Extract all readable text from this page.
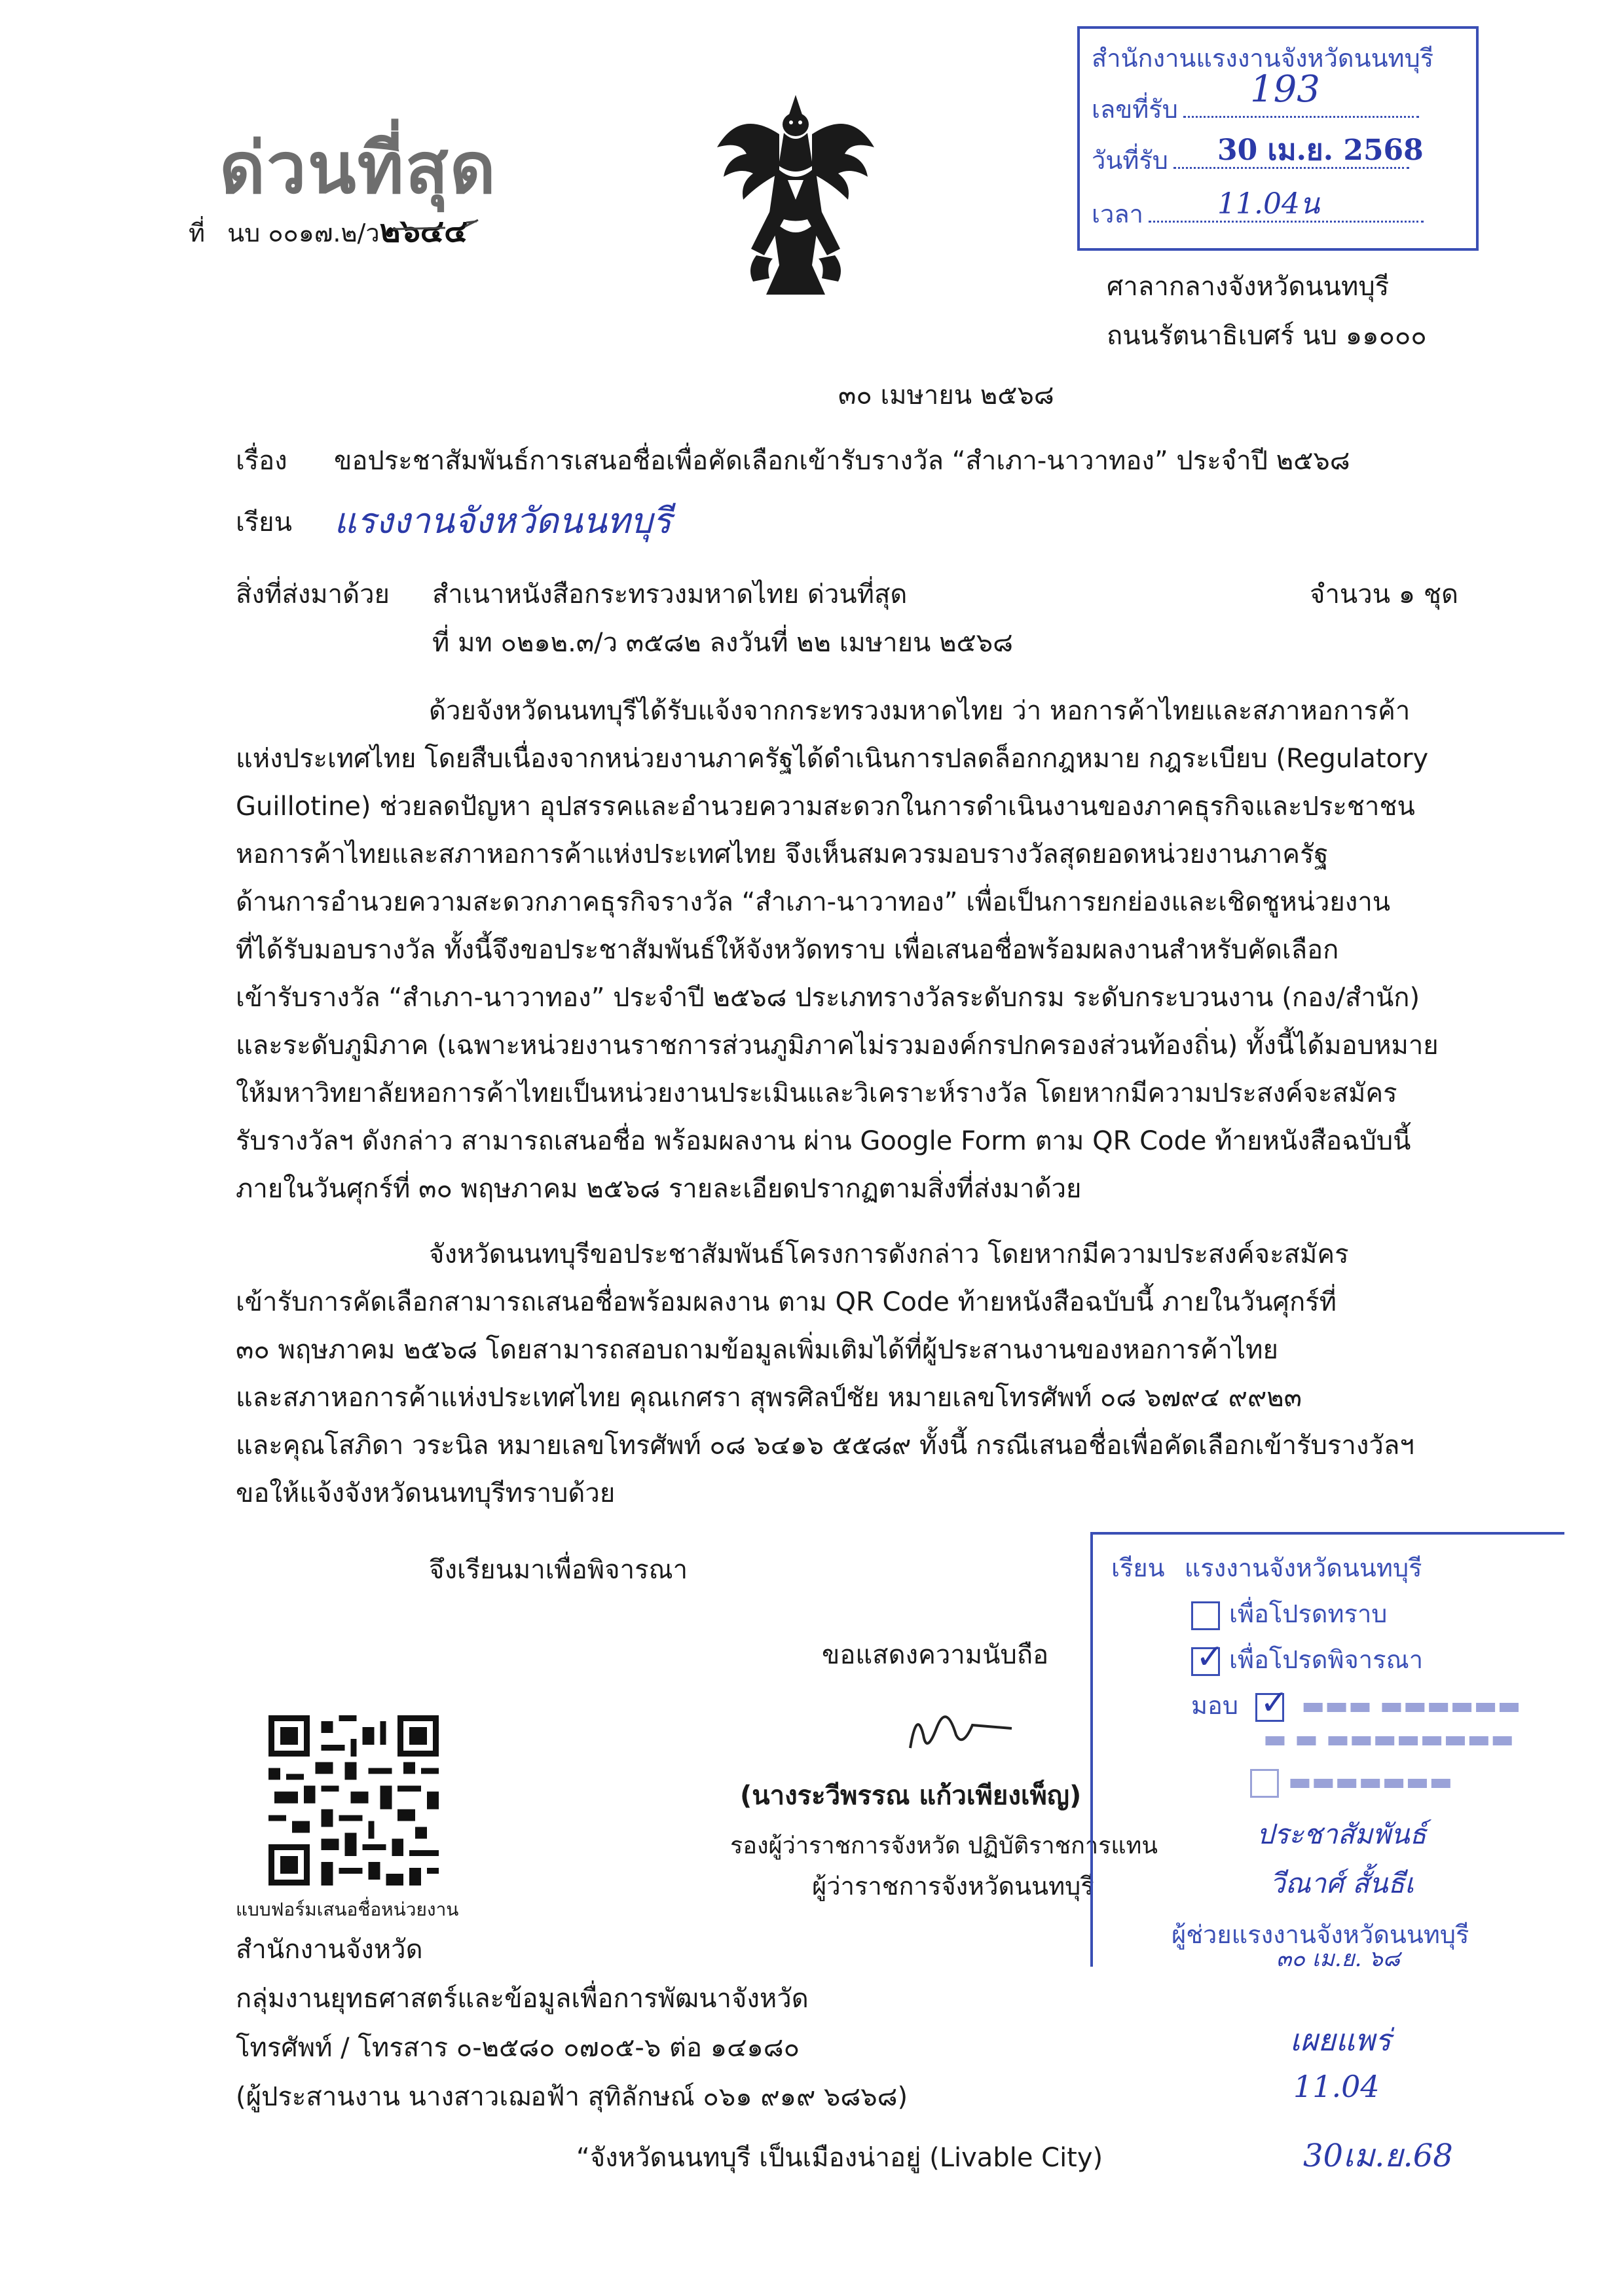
ด่วนที่สุด
ที่ นบ ๐๐๑๗.๒/ว๒๖๔๔
สำนักงานแรงงานจังหวัดนนทบุรี
เลขที่รับ
วันที่รับ
เวลา
193
30 เม.ย. 2568
11.04น
ศาลากลางจังหวัดนนทบุรี
ถนนรัตนาธิเบศร์ นบ ๑๑๐๐๐
๓๐ เมษายน ๒๕๖๘
เรื่อง ขอประชาสัมพันธ์การเสนอชื่อเพื่อคัดเลือกเข้ารับรางวัล “สำเภา-นาวาทอง” ประจำปี ๒๕๖๘
เรียน แรงงานจังหวัดนนทบุรี
สิ่งที่ส่งมาด้วย สำเนาหนังสือกระทรวงมหาดไทย ด่วนที่สุด
ที่ มท ๐๒๑๒.๓/ว ๓๕๘๒ ลงวันที่ ๒๒ เมษายน ๒๕๖๘
จำนวน ๑ ชุด

ด้วยจังหวัดนนทบุรีได้รับแจ้งจากกระทรวงมหาดไทย ว่า หอการค้าไทยและสภาหอการค้า

แห่งประเทศไทย โดยสืบเนื่องจากหน่วยงานภาครัฐได้ดำเนินการปลดล็อกกฎหมาย กฎระเบียบ (Regulatory

Guillotine) ช่วยลดปัญหา อุปสรรคและอำนวยความสะดวกในการดำเนินงานของภาคธุรกิจและประชาชน

หอการค้าไทยและสภาหอการค้าแห่งประเทศไทย จึงเห็นสมควรมอบรางวัลสุดยอดหน่วยงานภาครัฐ

ด้านการอำนวยความสะดวกภาคธุรกิจรางวัล “สำเภา-นาวาทอง” เพื่อเป็นการยกย่องและเชิดชูหน่วยงาน

ที่ได้รับมอบรางวัล ทั้งนี้จึงขอประชาสัมพันธ์ให้จังหวัดทราบ เพื่อเสนอชื่อพร้อมผลงานสำหรับคัดเลือก

เข้ารับรางวัล “สำเภา-นาวาทอง” ประจำปี ๒๕๖๘ ประเภทรางวัลระดับกรม ระดับกระบวนงาน (กอง/สำนัก)

และระดับภูมิภาค (เฉพาะหน่วยงานราชการส่วนภูมิภาคไม่รวมองค์กรปกครองส่วนท้องถิ่น) ทั้งนี้ได้มอบหมาย

ให้มหาวิทยาลัยหอการค้าไทยเป็นหน่วยงานประเมินและวิเคราะห์รางวัล โดยหากมีความประสงค์จะสมัคร

รับรางวัลฯ ดังกล่าว สามารถเสนอชื่อ พร้อมผลงาน ผ่าน Google Form ตาม QR Code ท้ายหนังสือฉบับนี้

ภายในวันศุกร์ที่ ๓๐ พฤษภาคม ๒๕๖๘ รายละเอียดปรากฏตามสิ่งที่ส่งมาด้วย

จังหวัดนนทบุรีขอประชาสัมพันธ์โครงการดังกล่าว โดยหากมีความประสงค์จะสมัคร

เข้ารับการคัดเลือกสามารถเสนอชื่อพร้อมผลงาน ตาม QR Code ท้ายหนังสือฉบับนี้ ภายในวันศุกร์ที่

๓๐ พฤษภาคม ๒๕๖๘ โดยสามารถสอบถามข้อมูลเพิ่มเติมได้ที่ผู้ประสานงานของหอการค้าไทย

และสภาหอการค้าแห่งประเทศไทย คุณเกศรา สุพรศิลป์ชัย หมายเลขโทรศัพท์ ๐๘ ๖๗๙๔ ๙๙๒๓

และคุณโสภิดา วระนิล หมายเลขโทรศัพท์ ๐๘ ๖๔๑๖ ๕๕๘๙ ทั้งนี้ กรณีเสนอชื่อเพื่อคัดเลือกเข้ารับรางวัลฯ

ขอให้แจ้งจังหวัดนนทบุรีทราบด้วย

จึงเรียนมาเพื่อพิจารณา
ขอแสดงความนับถือ
(นางระวีพรรณ แก้วเพียงเพ็ญ)
รองผู้ว่าราชการจังหวัด ปฏิบัติราชการแทน
ผู้ว่าราชการจังหวัดนนทบุรี
แบบฟอร์มเสนอชื่อหน่วยงาน
สำนักงานจังหวัด
กลุ่มงานยุทธศาสตร์และข้อมูลเพื่อการพัฒนาจังหวัด
โทรศัพท์ / โทรสาร ๐-๒๕๘๐ ๐๗๐๕-๖ ต่อ ๑๔๑๘๐
(ผู้ประสานงาน นางสาวเฌอฟ้า สุทิลักษณ์ ๐๖๑ ๙๑๙ ๖๘๖๘)
“จังหวัดนนทบุรี เป็นเมืองน่าอยู่ (Livable City)
เรียน แรงงานจังหวัดนนทบุรี
เพื่อโปรดทราบ
✓ เพื่อโปรดพิจารณา
มอบ ✓ ▬▬▬ ▬▬▬▬▬▬
▬ ▬ ▬▬▬▬▬▬▬▬
▬▬▬▬▬▬▬
ประชาสัมพันธ์
วีณาศ์ สั้นธีเ
ผู้ช่วยแรงงานจังหวัดนนทบุรี
๓๐ เม.ย. ๖๘
เผยแพร่
11.04
30เม.ย.68
